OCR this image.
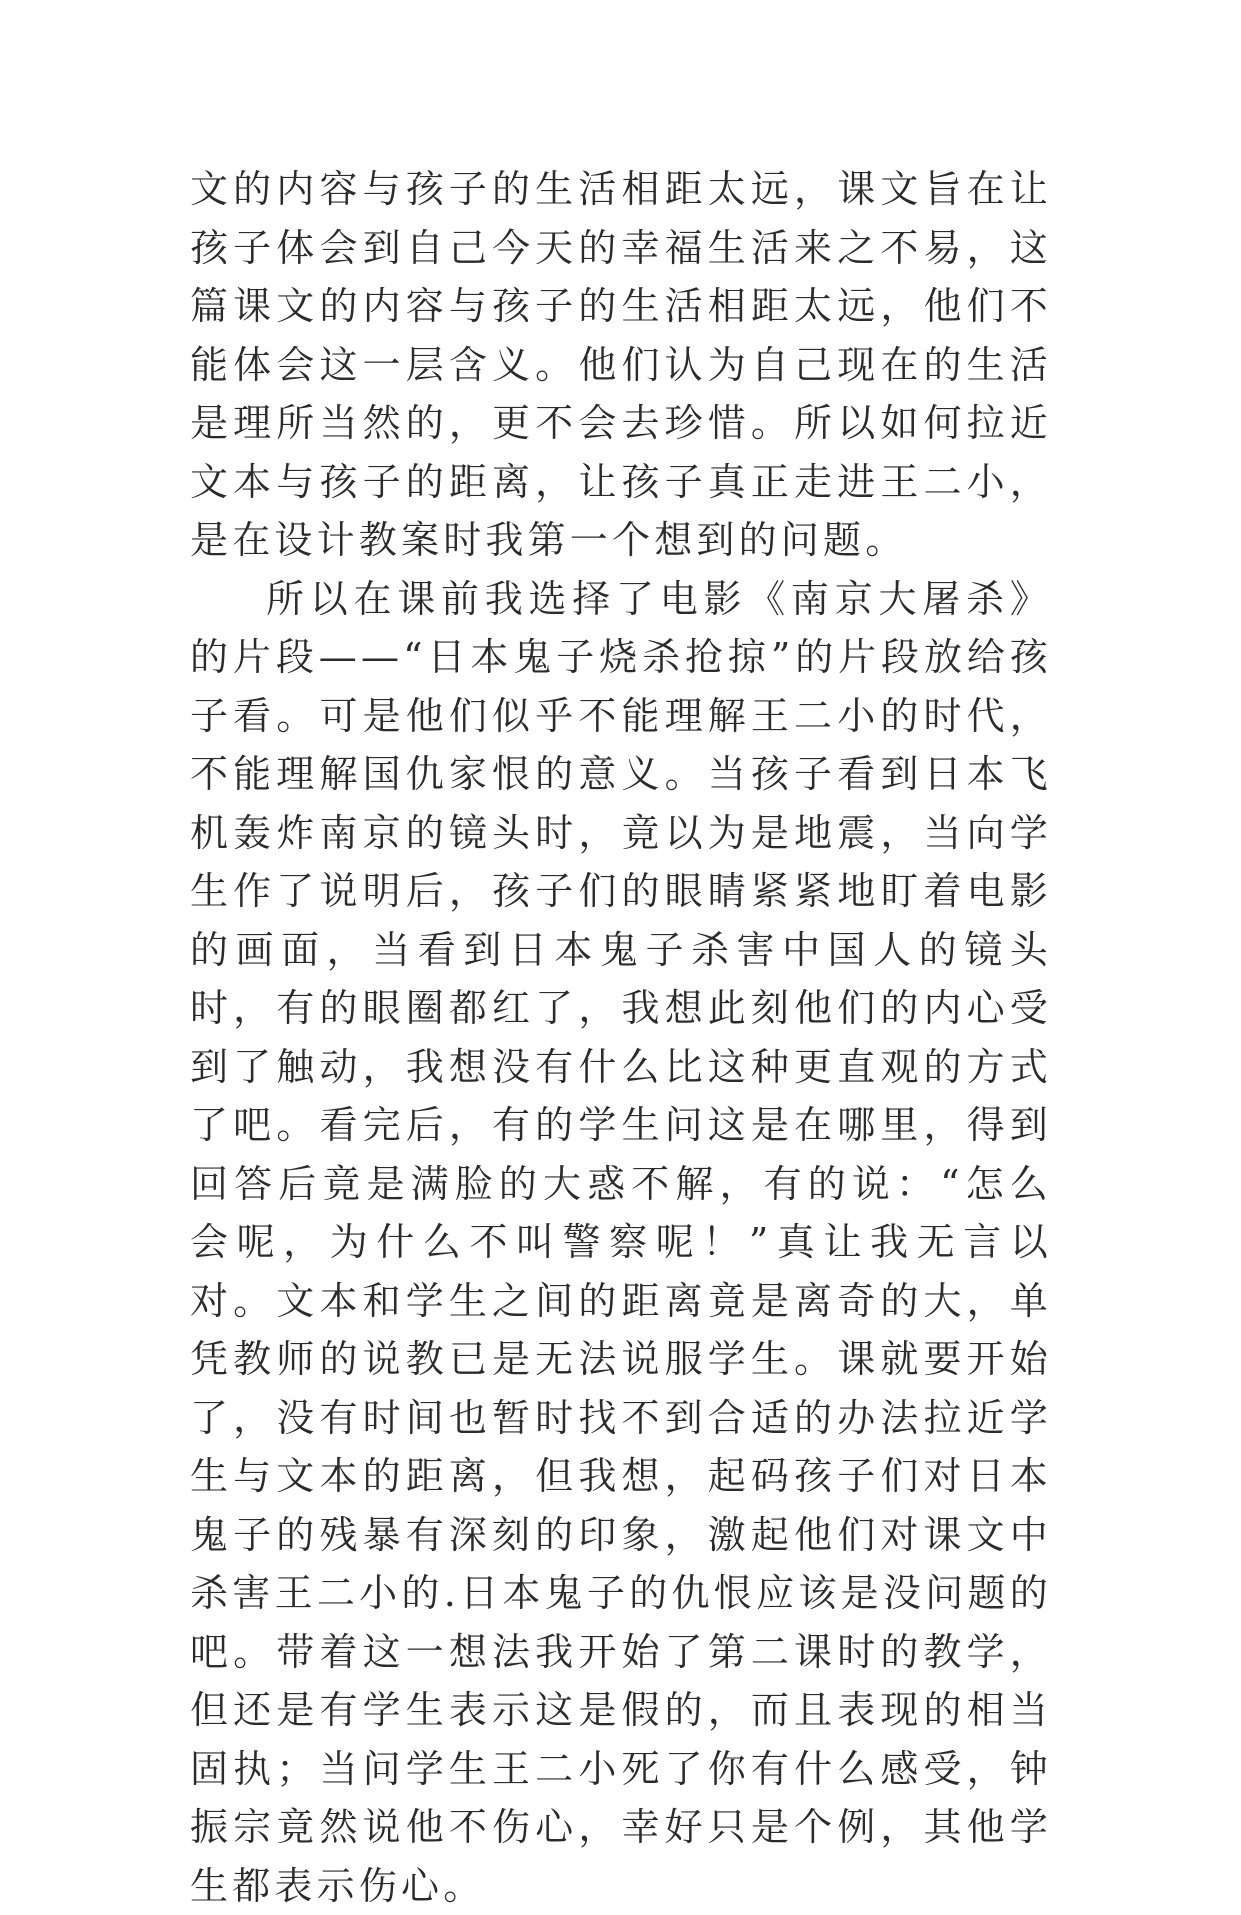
文的内容与孩子的生活相距太远，课文旨在让孩子体会到自己今天的幸福生活来之不易，这篇课文的内容与孩子的生活相距太远，他们不能体会这一层含义。他们认为自己现在的生活是理所当然的，更不会去珍惜。所以如何拉近文本与孩子的距离，让孩子真正走进王二小，是在设计教案时我第一个想到的问题。

所以在课前我选择了电影《南京大屠杀》的片段——“日本鬼子烧杀抢掠”的片段放给孩子看。可是他们似乎不能理解王二小的时代，不能理解国仇家恨的意义。当孩子看到日本飞机轰炸南京的镜头时，竟以为是地震，当向学生作了说明后，孩子们的眼睛紧紧地盯着电影的画面，当看到日本鬼子杀害中国人的镜头时，有的眼圈都红了，我想此刻他们的内心受到了触动，我想没有什么比这种更直观的方式了吧。看完后，有的学生问这是在哪里，得到回答后竟是满脸的大惑不解，有的说：“怎么会呢，为什么不叫警察呢！”真让我无言以对。文本和学生之间的距离竟是离奇的大，单凭教师的说教已是无法说服学生。课就要开始了，没有时间也暂时找不到合适的办法拉近学生与文本的距离，但我想，起码孩子们对日本鬼子的残暴有深刻的印象，激起他们对课文中杀害王二小的.日本鬼子的仇恨应该是没问题的吧。带着这一想法我开始了第二课时的教学，但还是有学生表示这是假的，而且表现的相当固执；当问学生王二小死了你有什么感受，钟振宗竟然说他不伤心，幸好只是个例，其他学生都表示伤心。
